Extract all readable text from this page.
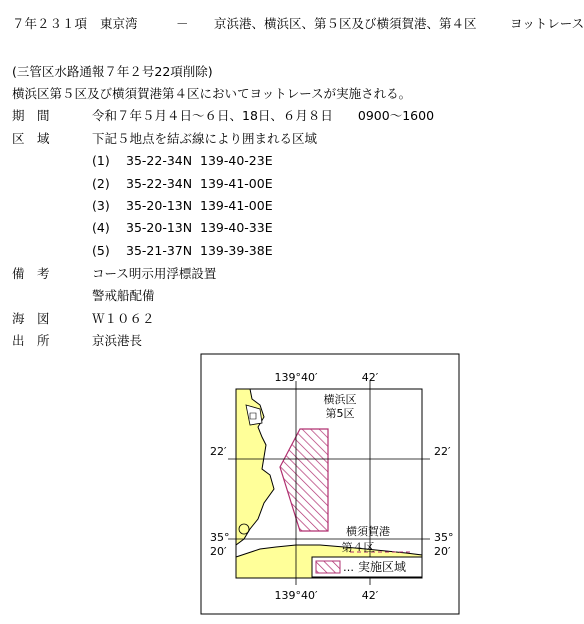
７年２３１項 東京湾	－ 京浜港、横浜区、第５区及び横須賀港、第４区	ヨットレース
(三管区水路通報７年２号22項削除)
横浜区第５区及び横須賀港第４区においてヨットレースが実施される。
期　間	令和７年５月４日～６日、18日、６月８日　　0900～1600
区　域	下記５地点を結ぶ線により囲まれる区域
(1) 35-22-34N 139-40-23E
(2) 35-22-34N 139-41-00E
(3) 35-20-13N 139-41-00E
(4) 35-20-13N 139-40-33E
(5) 35-21-37N 139-39-38E
備　考	コース明示用浮標設置
警戒船配備
海　図	Ｗ１０６２
出　所	京浜港長
139°40′	42′
139°40′	42′
22′	22′
35°
20′
35°
20′
横浜区
第5区
横須賀港
第４区
… 実施区域
